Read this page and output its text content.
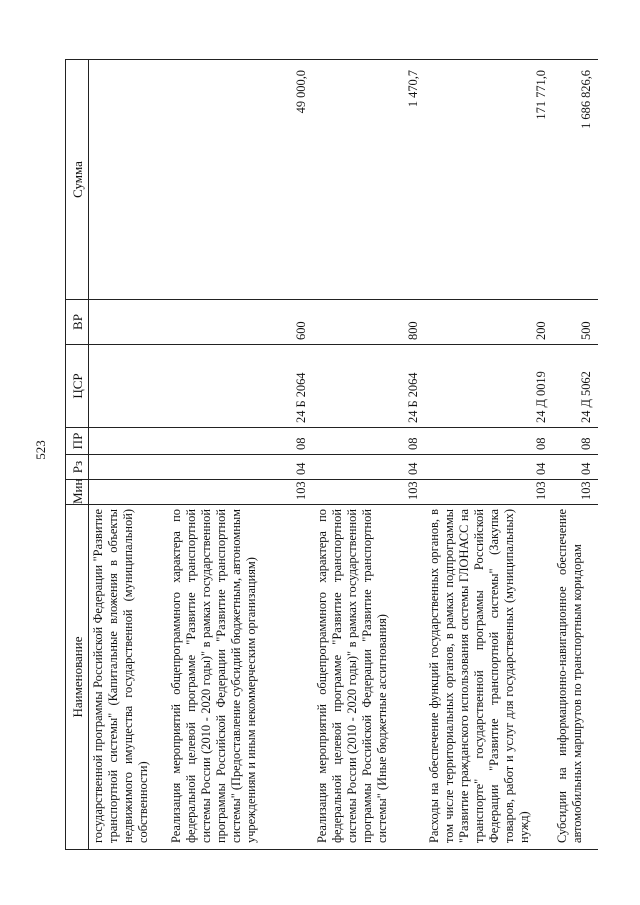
523
Наименование	Мин	Рз	ПР	ЦСР	ВР	Сумма
государственной программы Российской Федерации "Развитие транспортной системы" (Капитальные вложения в объекты недвижимого имущества государственной (муниципальной) собственности)						
Реализация мероприятий общепрограммного характера по федеральной целевой программе "Развитие транспортной системы России (2010 - 2020 годы)" в рамках государственной программы Российской Федерации "Развитие транспортной системы" (Предоставление субсидий бюджетным, автономным учреждениям и иным некоммерческим организациям)	103	04	08	24 Б 2064	600	49 000,0
Реализация мероприятий общепрограммного характера по федеральной целевой программе "Развитие транспортной системы России (2010 - 2020 годы)" в рамках государственной программы Российской Федерации "Развитие транспортной системы" (Иные бюджетные ассигнования)	103	04	08	24 Б 2064	800	1 470,7
Расходы на обеспечение функций государственных органов, в том числе территориальных органов, в рамках подпрограммы "Развитие гражданского использования системы ГЛОНАСС на транспорте" государственной программы Российской Федерации "Развитие транспортной системы" (Закупка товаров, работ и услуг для государственных (муниципальных) нужд)	103	04	08	24 Д 0019	200	171 771,0
Субсидии на информационно-навигационное обеспечение автомобильных маршрутов по транспортным коридорам	103	04	08	24 Д 5062	500	1 686 826,6
